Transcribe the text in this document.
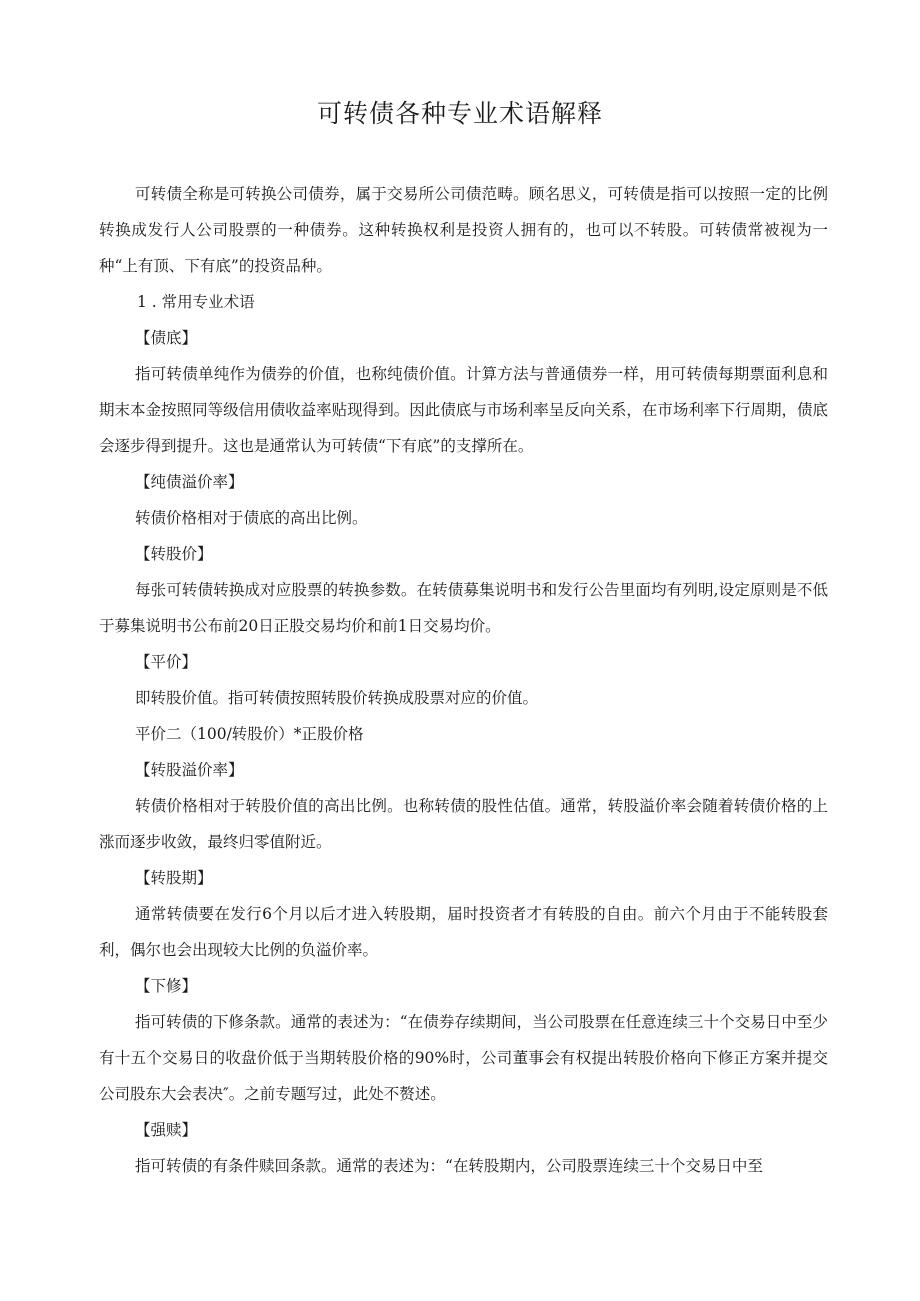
可转债各种专业术语解释

可转债全称是可转换公司债券，属于交易所公司债范畴。顾名思义，可转债是指可以按照一定的比例转换成发行人公司股票的一种债券。这种转换权利是投资人拥有的，也可以不转股。可转债常被视为一种“上有顶、下有底”的投资品种。

1 . 常用专业术语

【债底】

指可转债单纯作为债券的价值，也称纯债价值。计算方法与普通债券一样，用可转债每期票面利息和期末本金按照同等级信用债收益率贴现得到。因此债底与市场利率呈反向关系，在市场利率下行周期，债底会逐步得到提升。这也是通常认为可转债“下有底”的支撑所在。

【纯债溢价率】

转债价格相对于债底的高出比例。

【转股价】

每张可转债转换成对应股票的转换参数。在转债募集说明书和发行公告里面均有列明,设定原则是不低于募集说明书公布前20日正股交易均价和前1日交易均价。

【平价】

即转股价值。指可转债按照转股价转换成股票对应的价值。

平价二（100/转股价）*正股价格

【转股溢价率】

转债价格相对于转股价值的高出比例。也称转债的股性估值。通常，转股溢价率会随着转债价格的上涨而逐步收敛，最终归零值附近。

【转股期】

通常转债要在发行6个月以后才进入转股期，届时投资者才有转股的自由。前六个月由于不能转股套利，偶尔也会出现较大比例的负溢价率。

【下修】

指可转债的下修条款。通常的表述为：“在债券存续期间，当公司股票在任意连续三十个交易日中至少有十五个交易日的收盘价低于当期转股价格的90%时，公司董事会有权提出转股价格向下修正方案并提交公司股东大会表决″。之前专题写过，此处不赘述。

【强赎】

指可转债的有条件赎回条款。通常的表述为：“在转股期内，公司股票连续三十个交易日中至
